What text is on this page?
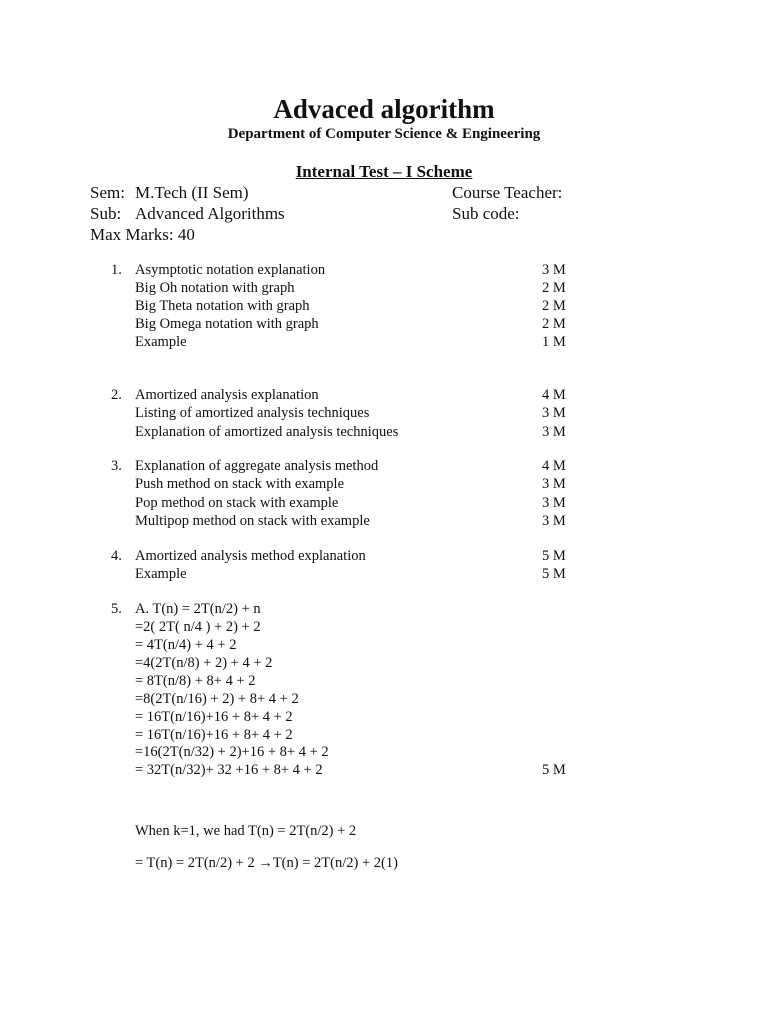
Advaced algorithm
Department of Computer Science & Engineering
Internal Test – I Scheme
Sem: M.Tech (II Sem)	Course Teacher:
Sub: Advanced Algorithms	Sub code:
Max Marks: 40
1. Asymptotic notation explanation	3 M
Big Oh notation with graph	2 M
Big Theta notation with graph	2 M
Big Omega notation with graph	2 M
Example	1 M
2. Amortized analysis explanation	4 M
Listing of amortized analysis techniques	3 M
Explanation of amortized analysis techniques	3 M
3. Explanation of aggregate analysis method	4 M
Push method on stack with example	3 M
Pop method on stack with example	3 M
Multipop method on stack with example	3 M
4. Amortized analysis method explanation	5 M
Example	5 M
5. A. T(n) = 2T(n/2) + n
=2( 2T( n/4 ) + 2) + 2
= 4T(n/4) + 4 + 2
=4(2T(n/8) + 2) + 4 + 2
= 8T(n/8) + 8+ 4 + 2
=8(2T(n/16) + 2) + 8+ 4 + 2
= 16T(n/16)+16 + 8+ 4 + 2
= 16T(n/16)+16 + 8+ 4 + 2
=16(2T(n/32) + 2)+16 + 8+ 4 + 2
= 32T(n/32)+ 32 +16 + 8+ 4 + 2	5 M
When k=1, we had T(n) = 2T(n/2) + 2
= T(n) = 2T(n/2) + 2 →T(n) = 2T(n/2) + 2(1)
